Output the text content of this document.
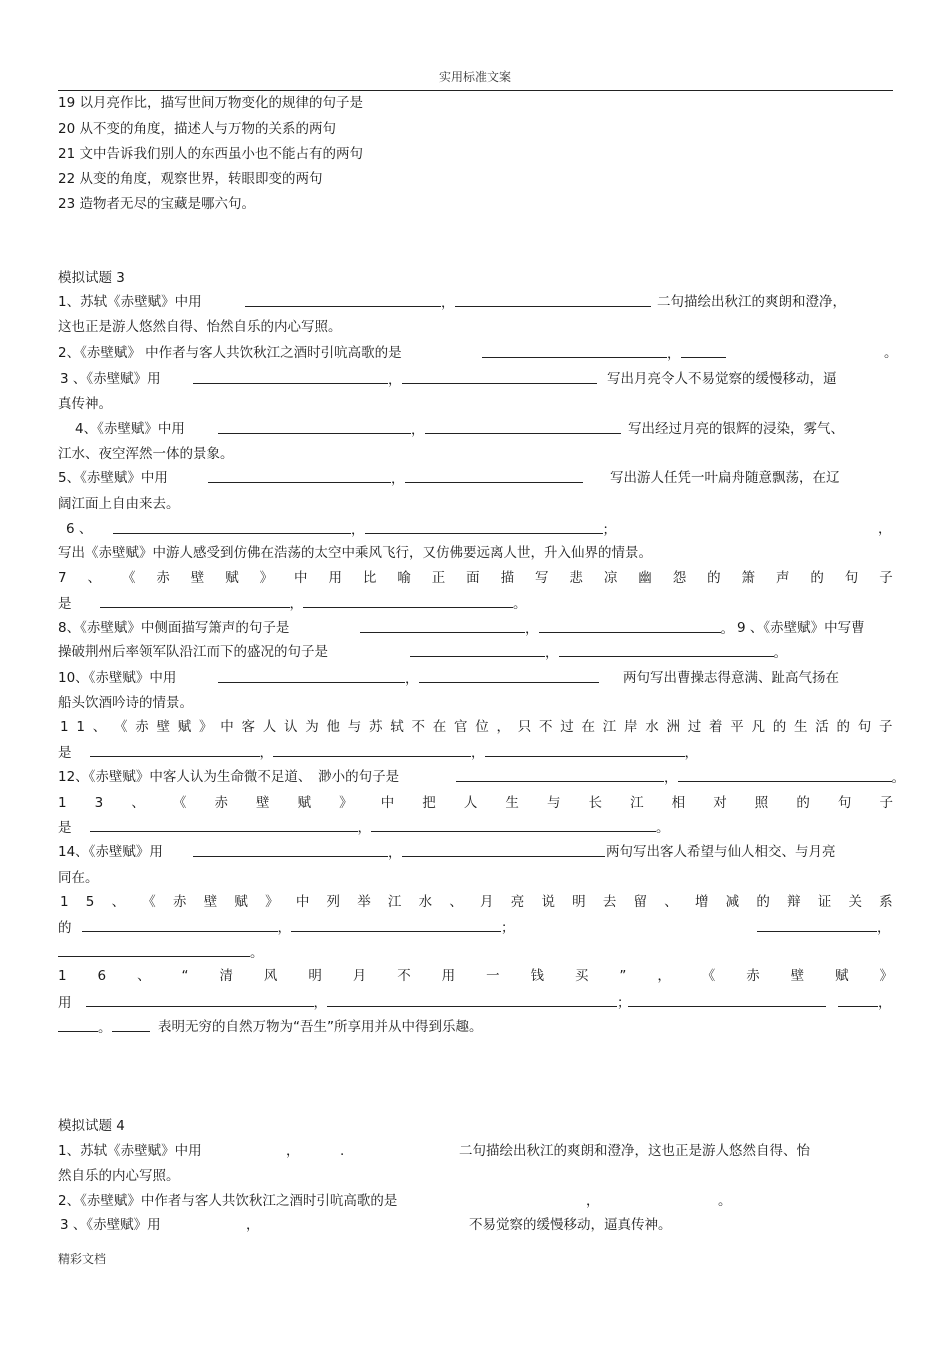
实用标准文案
19 以月亮作比，描写世间万物变化的规律的句子是
20 从不变的角度，描述人与万物的关系的两句
21 文中告诉我们别人的东西虽小也不能占有的两句
22 从变的角度，观察世界，转眼即变的两句
23 造物者无尽的宝藏是哪六句。
模拟试题 3
1、苏轼《赤壁赋》中用	，	二句描绘出秋江的爽朗和澄净，
这也正是游人悠然自得、怡然自乐的内心写照。
2、《赤壁赋》 中作者与客人共饮秋江之酒时引吭高歌的是	，	。
3 、《赤壁赋》用	，	写出月亮令人不易觉察的缓慢移动，逼
真传神。
4、《赤壁赋》中用	，	写出经过月亮的银辉的浸染，雾气、
江水、夜空浑然一体的景象。
5、《赤壁赋》中用	，	写出游人任凭一叶扁舟随意飘荡，在辽
阔江面上自由来去。
6 、	，	；	，
写出《赤壁赋》中游人感受到仿佛在浩荡的太空中乘风飞行，又仿佛要远离人世，升入仙界的情景。
7 、 《 赤 壁 赋 》 中 用 比 喻 正 面 描 写 悲 凉 幽 怨 的 箫 声 的 句 子
是	，	。
8、《赤壁赋》中侧面描写箫声的句子是	，	。 9 、《赤壁赋》中写曹
操破荆州后率领军队沿江而下的盛况的句子是	，	。
10、《赤壁赋》中用	，	两句写出曹操志得意满、趾高气扬在
船头饮酒吟诗的情景。
1 1 、 《 赤 壁 赋 》 中 客 人 认 为 他 与 苏 轼 不 在 官 位 ， 只 不 过 在 江 岸 水 洲 过 着 平 凡 的 生 活 的 句 子
是	，	，	，
12、《赤壁赋》中客人认为生命微不足道、　渺小的句子是	，	。
1 3 、 《 赤 壁 赋 》 中 把 人 生 与 长 江 相 对 照 的 句 子
是	，	。
14、《赤壁赋》用	，	两句写出客人希望与仙人相交、与月亮
同在。
1 5 、 《 赤 壁 赋 》 中 列 举 江 水 、 月 亮 说 明 去 留 、 增 减 的 辩 证 关 系
的	，	；	，
。
1 6 、 “ 清 风 明 月 不 用 一 钱 买 ” ， 《 赤 壁 赋 》
用	，	；	，
。	表明无穷的自然万物为“吾生”所享用并从中得到乐趣。
模拟试题 4
1、苏轼《赤壁赋》中用	，	.	二句描绘出秋江的爽朗和澄净，这也正是游人悠然自得、怡
然自乐的内心写照。
2、《赤壁赋》中作者与客人共饮秋江之酒时引吭高歌的是	，	。
3 、《赤壁赋》用	，	不易觉察的缓慢移动，逼真传神。
精彩文档
